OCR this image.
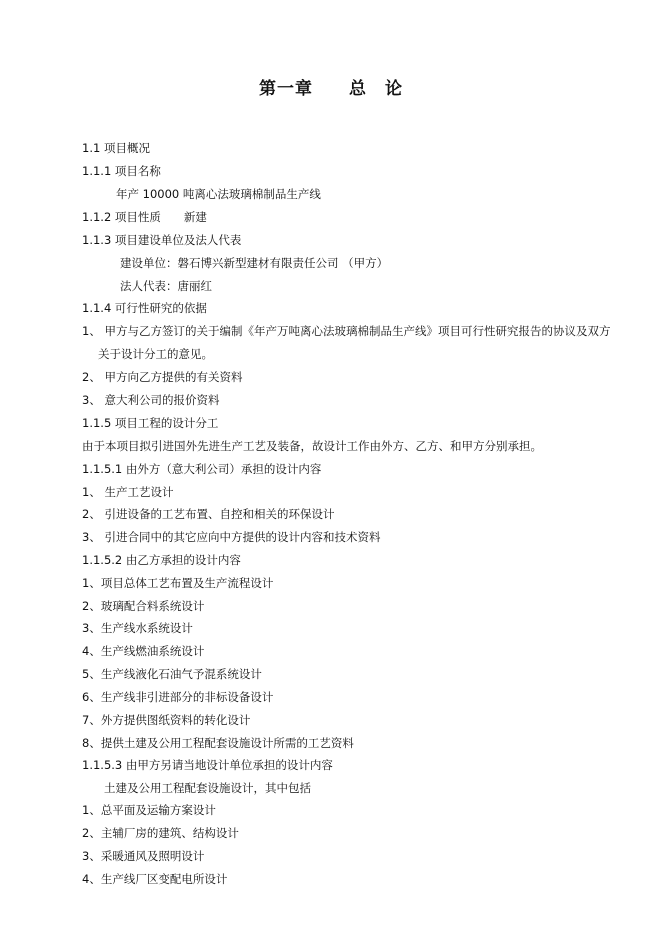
第一章　　总　论
1.1 项目概况
1.1.1 项目名称
年产 10000 吨离心法玻璃棉制品生产线
1.1.2 项目性质　　新建
1.1.3 项目建设单位及法人代表
建设单位：磐石博兴新型建材有限责任公司 （甲方）
法人代表：唐丽红
1.1.4 可行性研究的依据
1、 甲方与乙方签订的关于编制《年产万吨离心法玻璃棉制品生产线》项目可行性研究报告的协议及双方
关于设计分工的意见。
2、 甲方向乙方提供的有关资料
3、 意大利公司的报价资料
1.1.5 项目工程的设计分工
由于本项目拟引进国外先进生产工艺及装备，故设计工作由外方、乙方、和甲方分别承担。
1.1.5.1 由外方（意大利公司）承担的设计内容
1、 生产工艺设计
2、 引进设备的工艺布置、自控和相关的环保设计
3、 引进合同中的其它应向中方提供的设计内容和技术资料
1.1.5.2 由乙方承担的设计内容
1、项目总体工艺布置及生产流程设计
2、玻璃配合料系统设计
3、生产线水系统设计
4、生产线燃油系统设计
5、生产线液化石油气予混系统设计
6、生产线非引进部分的非标设备设计
7、外方提供图纸资料的转化设计
8、提供土建及公用工程配套设施设计所需的工艺资料
1.1.5.3 由甲方另请当地设计单位承担的设计内容
土建及公用工程配套设施设计，其中包括
1、总平面及运输方案设计
2、主辅厂房的建筑、结构设计
3、采暖通风及照明设计
4、生产线厂区变配电所设计
